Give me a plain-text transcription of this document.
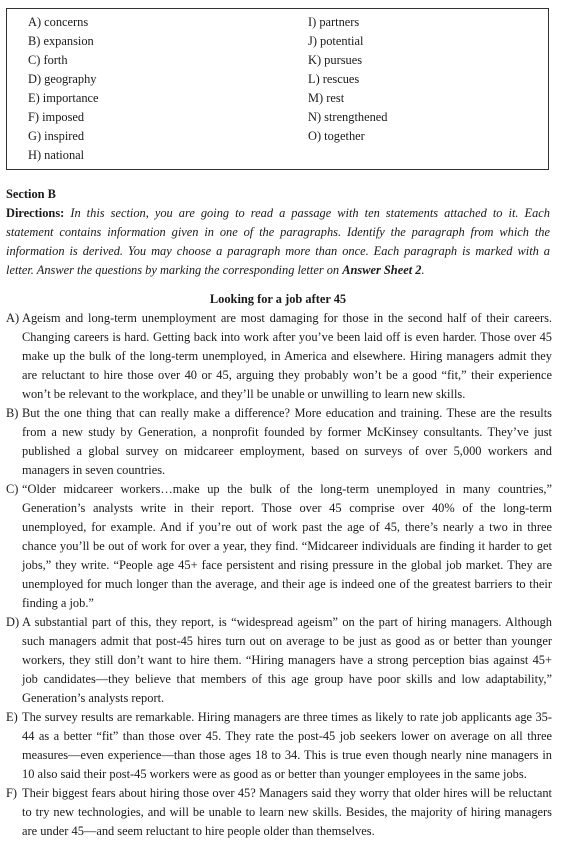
A) concerns
B) expansion
C) forth
D) geography
E) importance
F) imposed
G) inspired
H) national
I) partners
J) potential
K) pursues
L) rescues
M) rest
N) strengthened
O) together
Section B
Directions: In this section, you are going to read a passage with ten statements attached to it. Each statement contains information given in one of the paragraphs. Identify the paragraph from which the information is derived. You may choose a paragraph more than once. Each paragraph is marked with a letter. Answer the questions by marking the corresponding letter on Answer Sheet 2.
Looking for a job after 45
A) Ageism and long-term unemployment are most damaging for those in the second half of their careers. Changing careers is hard. Getting back into work after you’ve been laid off is even harder. Those over 45 make up the bulk of the long-term unemployed, in America and elsewhere. Hiring managers admit they are reluctant to hire those over 40 or 45, arguing they probably won’t be a good “fit,” their experience won’t be relevant to the workplace, and they’ll be unable or unwilling to learn new skills.
B) But the one thing that can really make a difference? More education and training. These are the results from a new study by Generation, a nonprofit founded by former McKinsey consultants. They’ve just published a global survey on midcareer employment, based on surveys of over 5,000 workers and managers in seven countries.
C) “Older midcareer workers…make up the bulk of the long-term unemployed in many countries,” Generation’s analysts write in their report. Those over 45 comprise over 40% of the long-term unemployed, for example. And if you’re out of work past the age of 45, there’s nearly a two in three chance you’ll be out of work for over a year, they find. “Midcareer individuals are finding it harder to get jobs,” they write. “People age 45+ face persistent and rising pressure in the global job market. They are unemployed for much longer than the average, and their age is indeed one of the greatest barriers to their finding a job.”
D) A substantial part of this, they report, is “widespread ageism” on the part of hiring managers. Although such managers admit that post-45 hires turn out on average to be just as good as or better than younger workers, they still don’t want to hire them. “Hiring managers have a strong perception bias against 45+ job candidates—they believe that members of this age group have poor skills and low adaptability,” Generation’s analysts report.
E) The survey results are remarkable. Hiring managers are three times as likely to rate job applicants age 35-44 as a better “fit” than those over 45. They rate the post-45 job seekers lower on average on all three measures—even experience—than those ages 18 to 34. This is true even though nearly nine managers in 10 also said their post-45 workers were as good as or better than younger employees in the same jobs.
F) Their biggest fears about hiring those over 45? Managers said they worry that older hires will be reluctant to try new technologies, and will be unable to learn new skills. Besides, the majority of hiring managers are under 45—and seem reluctant to hire people older than themselves.
